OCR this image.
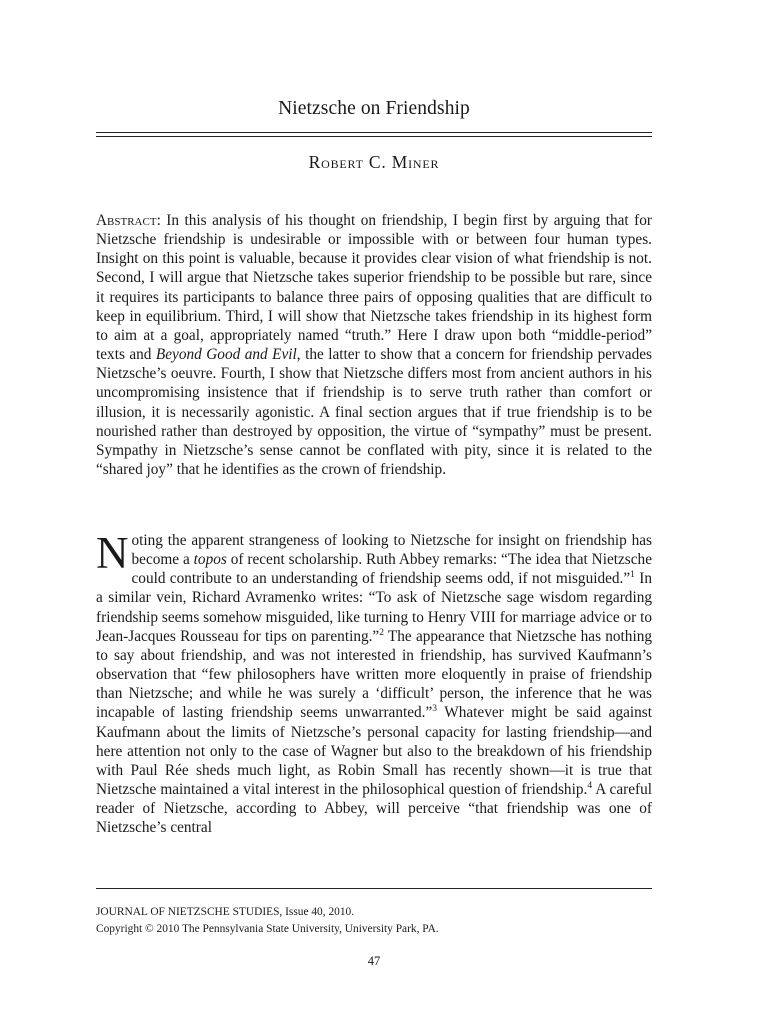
Nietzsche on Friendship
Robert C. Miner
Abstract: In this analysis of his thought on friendship, I begin first by arguing that for Nietzsche friendship is undesirable or impossible with or between four human types. Insight on this point is valuable, because it provides clear vision of what friendship is not. Second, I will argue that Nietzsche takes superior friendship to be possible but rare, since it requires its participants to balance three pairs of opposing qualities that are difficult to keep in equilibrium. Third, I will show that Nietzsche takes friendship in its highest form to aim at a goal, appropriately named “truth.” Here I draw upon both “middle-period” texts and Beyond Good and Evil, the latter to show that a concern for friendship pervades Nietzsche’s oeuvre. Fourth, I show that Nietzsche differs most from ancient authors in his uncompromising insistence that if friendship is to serve truth rather than comfort or illusion, it is necessarily agonistic. A final section argues that if true friendship is to be nourished rather than destroyed by opposition, the virtue of “sympathy” must be present. Sympathy in Nietzsche’s sense cannot be conflated with pity, since it is related to the “shared joy” that he identifies as the crown of friendship.
Noting the apparent strangeness of looking to Nietzsche for insight on friendship has become a topos of recent scholarship. Ruth Abbey remarks: “The idea that Nietzsche could contribute to an understanding of friendship seems odd, if not misguided.”$^1$ In a similar vein, Richard Avramenko writes: “To ask of Nietzsche sage wisdom regarding friendship seems somehow misguided, like turning to Henry VIII for marriage advice or to Jean-Jacques Rousseau for tips on parenting.”$^2$ The appearance that Nietzsche has nothing to say about friendship, and was not interested in friendship, has survived Kaufmann’s observation that “few philosophers have written more eloquently in praise of friendship than Nietzsche; and while he was surely a ‘difficult’ person, the inference that he was incapable of lasting friendship seems unwarranted.”$^3$ Whatever might be said against Kaufmann about the limits of Nietzsche’s personal capacity for lasting friendship—and here attention not only to the case of Wagner but also to the breakdown of his friendship with Paul Rée sheds much light, as Robin Small has recently shown—it is true that Nietzsche maintained a vital interest in the philosophical question of friendship.$^4$ A careful reader of Nietzsche, according to Abbey, will perceive “that friendship was one of Nietzsche’s central
JOURNAL OF NIETZSCHE STUDIES, Issue 40, 2010.
Copyright © 2010 The Pennsylvania State University, University Park, PA.
47
